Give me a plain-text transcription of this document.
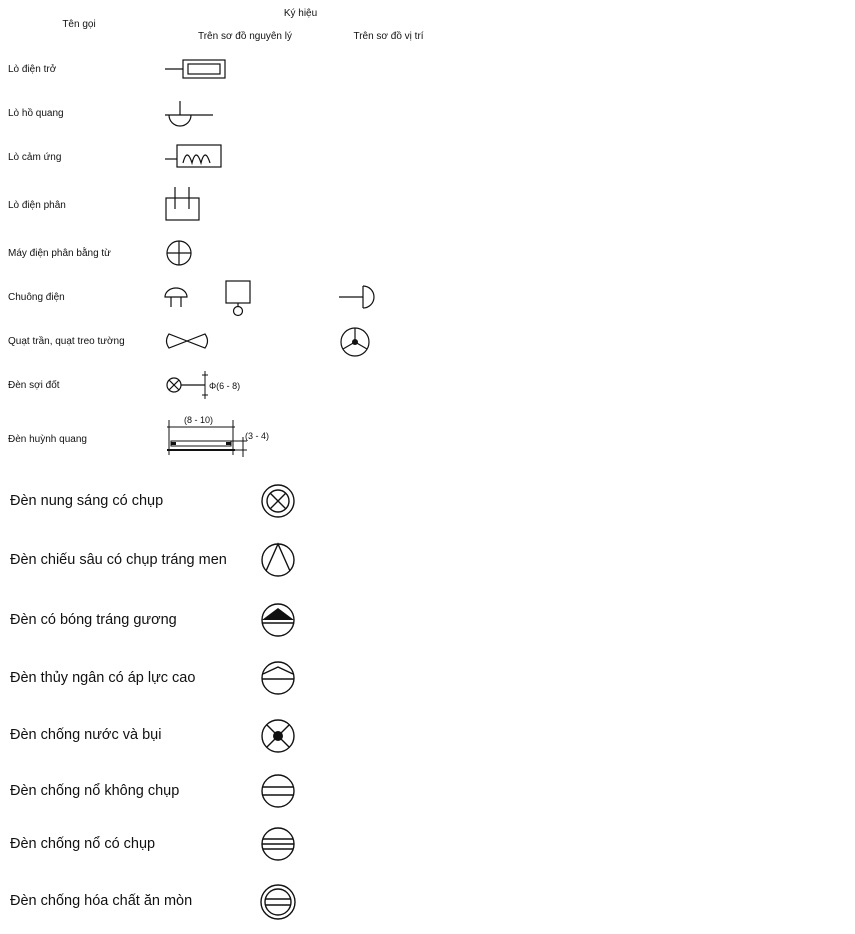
Tên gọi	Ký hiệu	
	Trên sơ đồ nguyên lý	Trên sơ đồ vị trí
Lò điện trở	

Lò hồ quang	

Lò cảm ứng	

Lò điện phân	

Máy điện phân bằng từ	

Chuông điện	

Quạt trần, quạt treo tường	

Đèn sợi đốt	Φ(6 - 8)	

Đèn huỳnh quang	(8 - 10)
(3 - 4)	

Đèn nung sáng có chụp	

Đèn chiếu sâu có chụp tráng men	

Đèn có bóng tráng gương	

Đèn thủy ngân có áp lực cao	

Đèn chống nước và bụi	

Đèn chống nổ không chụp	

Đèn chống nổ có chụp	

Đèn chống hóa chất ăn mòn	
